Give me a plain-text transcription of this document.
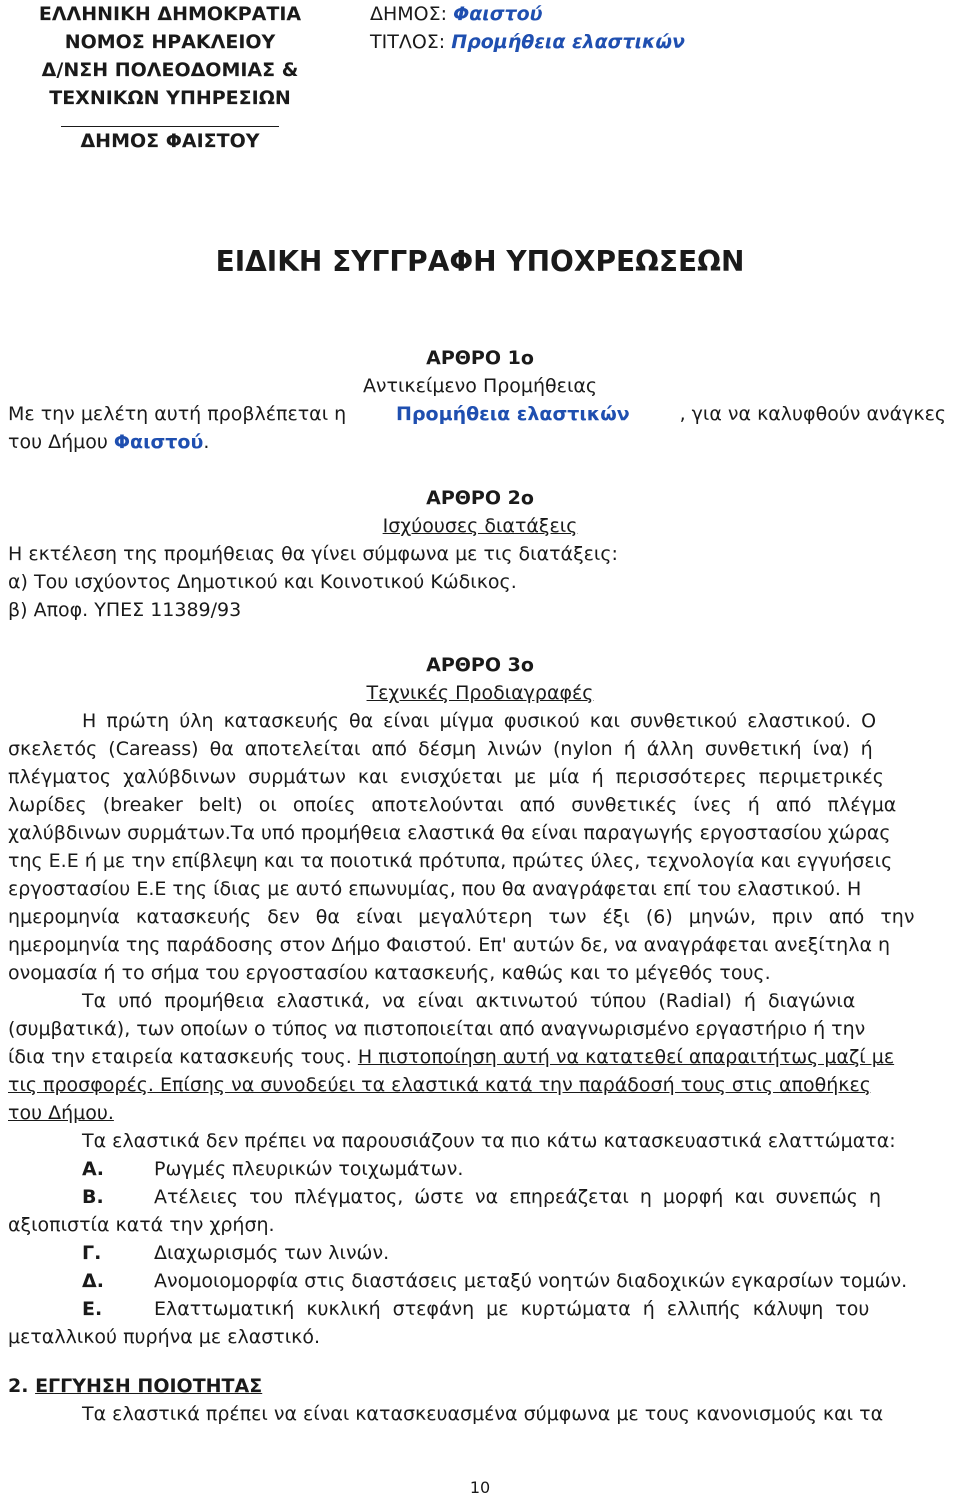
ΕΛΛΗΝΙΚΗ ΔΗΜΟΚΡΑΤΙΑ
ΝΟΜΟΣ ΗΡΑΚΛΕΙΟΥ
Δ/ΝΣΗ ΠΟΛΕΟΔΟΜΙΑΣ &
ΤΕΧΝΙΚΩΝ ΥΠΗΡΕΣΙΩΝ
ΔΗΜΟΣ ΦΑΙΣΤΟΥ
ΔΗΜΟΣ: Φαιστού
ΤΙΤΛΟΣ: Προμήθεια ελαστικών
ΕΙΔΙΚΗ ΣΥΓΓΡΑΦΗ ΥΠΟΧΡΕΩΣΕΩΝ
ΑΡΘΡΟ 1ο
Αντικείμενο Προμήθειας
Με την μελέτη αυτή προβλέπεται η	Προμήθεια ελαστικών	, για να καλυφθούν ανάγκες
του Δήμου Φαιστού.
ΑΡΘΡΟ 2ο
Ισχύουσες διατάξεις
Η εκτέλεση της προμήθειας θα γίνει σύμφωνα με τις διατάξεις:
α) Του ισχύοντος Δημοτικού και Κοινοτικού Κώδικος.
β) Αποφ. ΥΠΕΣ 11389/93
ΑΡΘΡΟ 3ο
Τεχνικές Προδιαγραφές
Η πρώτη ύλη κατασκευής θα είναι μίγμα φυσικού και συνθετικού ελαστικού. Ο
σκελετός (Careass) θα αποτελείται από δέσμη λινών (nylon ή άλλη συνθετική ίνα) ή
πλέγματος χαλύβδινων συρμάτων και ενισχύεται με μία ή περισσότερες περιμετρικές
λωρίδες (breaker belt) οι οποίες αποτελούνται από συνθετικές ίνες ή από πλέγμα
χαλύβδινων συρμάτων.Τα υπό προμήθεια ελαστικά θα είναι παραγωγής εργοστασίου χώρας
της Ε.Ε ή με την επίβλεψη και τα ποιοτικά πρότυπα, πρώτες ύλες, τεχνολογία και εγγυήσεις
εργοστασίου Ε.Ε της ίδιας με αυτό επωνυμίας, που θα αναγράφεται επί του ελαστικού. Η
ημερομηνία κατασκευής δεν θα είναι μεγαλύτερη των έξι (6) μηνών, πριν από την
ημερομηνία της παράδοσης στον Δήμο Φαιστού. Επ' αυτών δε, να αναγράφεται ανεξίτηλα η
ονομασία ή το σήμα του εργοστασίου κατασκευής, καθώς και το μέγεθός τους.
Τα υπό προμήθεια ελαστικά, να είναι ακτινωτού τύπου (Radial) ή διαγώνια
(συμβατικά), των οποίων ο τύπος να πιστοποιείται από αναγνωρισμένο εργαστήριο ή την
ίδια την εταιρεία κατασκευής τους. Η πιστοποίηση αυτή να κατατεθεί απαραιτήτως μαζί με
τις προσφορές. Επίσης να συνοδεύει τα ελαστικά κατά την παράδοσή τους στις αποθήκες
του Δήμου.
Τα ελαστικά δεν πρέπει να παρουσιάζουν τα πιο κάτω κατασκευαστικά ελαττώματα:
Α.	Ρωγμές πλευρικών τοιχωμάτων.
Β.	Ατέλειες του πλέγματος, ώστε να επηρεάζεται η μορφή και συνεπώς η
αξιοπιστία κατά την χρήση.
Γ.	Διαχωρισμός των λινών.
Δ.	Ανομοιομορφία στις διαστάσεις μεταξύ νοητών διαδοχικών εγκαρσίων τομών.
Ε.	Ελαττωματική κυκλική στεφάνη με κυρτώματα ή ελλιπής κάλυψη του
μεταλλικού πυρήνα με ελαστικό.
2. ΕΓΓΥΗΣΗ ΠΟΙΟΤΗΤΑΣ
Τα ελαστικά πρέπει να είναι κατασκευασμένα σύμφωνα με τους κανονισμούς και τα
10
